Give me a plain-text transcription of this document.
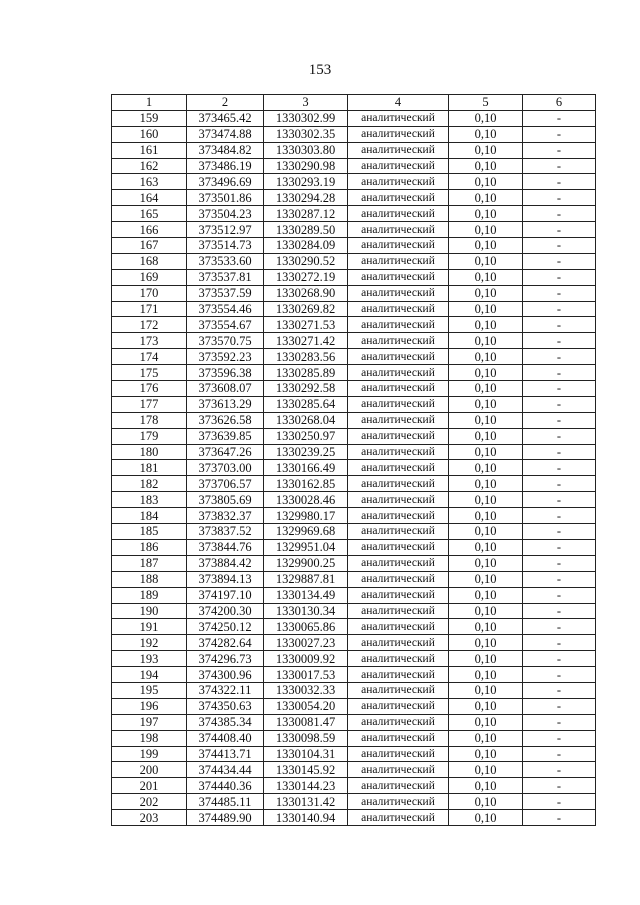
153
1	2	3	4	5	6
159	373465.42	1330302.99	аналитический	0,10	-
160	373474.88	1330302.35	аналитический	0,10	-
161	373484.82	1330303.80	аналитический	0,10	-
162	373486.19	1330290.98	аналитический	0,10	-
163	373496.69	1330293.19	аналитический	0,10	-
164	373501.86	1330294.28	аналитический	0,10	-
165	373504.23	1330287.12	аналитический	0,10	-
166	373512.97	1330289.50	аналитический	0,10	-
167	373514.73	1330284.09	аналитический	0,10	-
168	373533.60	1330290.52	аналитический	0,10	-
169	373537.81	1330272.19	аналитический	0,10	-
170	373537.59	1330268.90	аналитический	0,10	-
171	373554.46	1330269.82	аналитический	0,10	-
172	373554.67	1330271.53	аналитический	0,10	-
173	373570.75	1330271.42	аналитический	0,10	-
174	373592.23	1330283.56	аналитический	0,10	-
175	373596.38	1330285.89	аналитический	0,10	-
176	373608.07	1330292.58	аналитический	0,10	-
177	373613.29	1330285.64	аналитический	0,10	-
178	373626.58	1330268.04	аналитический	0,10	-
179	373639.85	1330250.97	аналитический	0,10	-
180	373647.26	1330239.25	аналитический	0,10	-
181	373703.00	1330166.49	аналитический	0,10	-
182	373706.57	1330162.85	аналитический	0,10	-
183	373805.69	1330028.46	аналитический	0,10	-
184	373832.37	1329980.17	аналитический	0,10	-
185	373837.52	1329969.68	аналитический	0,10	-
186	373844.76	1329951.04	аналитический	0,10	-
187	373884.42	1329900.25	аналитический	0,10	-
188	373894.13	1329887.81	аналитический	0,10	-
189	374197.10	1330134.49	аналитический	0,10	-
190	374200.30	1330130.34	аналитический	0,10	-
191	374250.12	1330065.86	аналитический	0,10	-
192	374282.64	1330027.23	аналитический	0,10	-
193	374296.73	1330009.92	аналитический	0,10	-
194	374300.96	1330017.53	аналитический	0,10	-
195	374322.11	1330032.33	аналитический	0,10	-
196	374350.63	1330054.20	аналитический	0,10	-
197	374385.34	1330081.47	аналитический	0,10	-
198	374408.40	1330098.59	аналитический	0,10	-
199	374413.71	1330104.31	аналитический	0,10	-
200	374434.44	1330145.92	аналитический	0,10	-
201	374440.36	1330144.23	аналитический	0,10	-
202	374485.11	1330131.42	аналитический	0,10	-
203	374489.90	1330140.94	аналитический	0,10	-
